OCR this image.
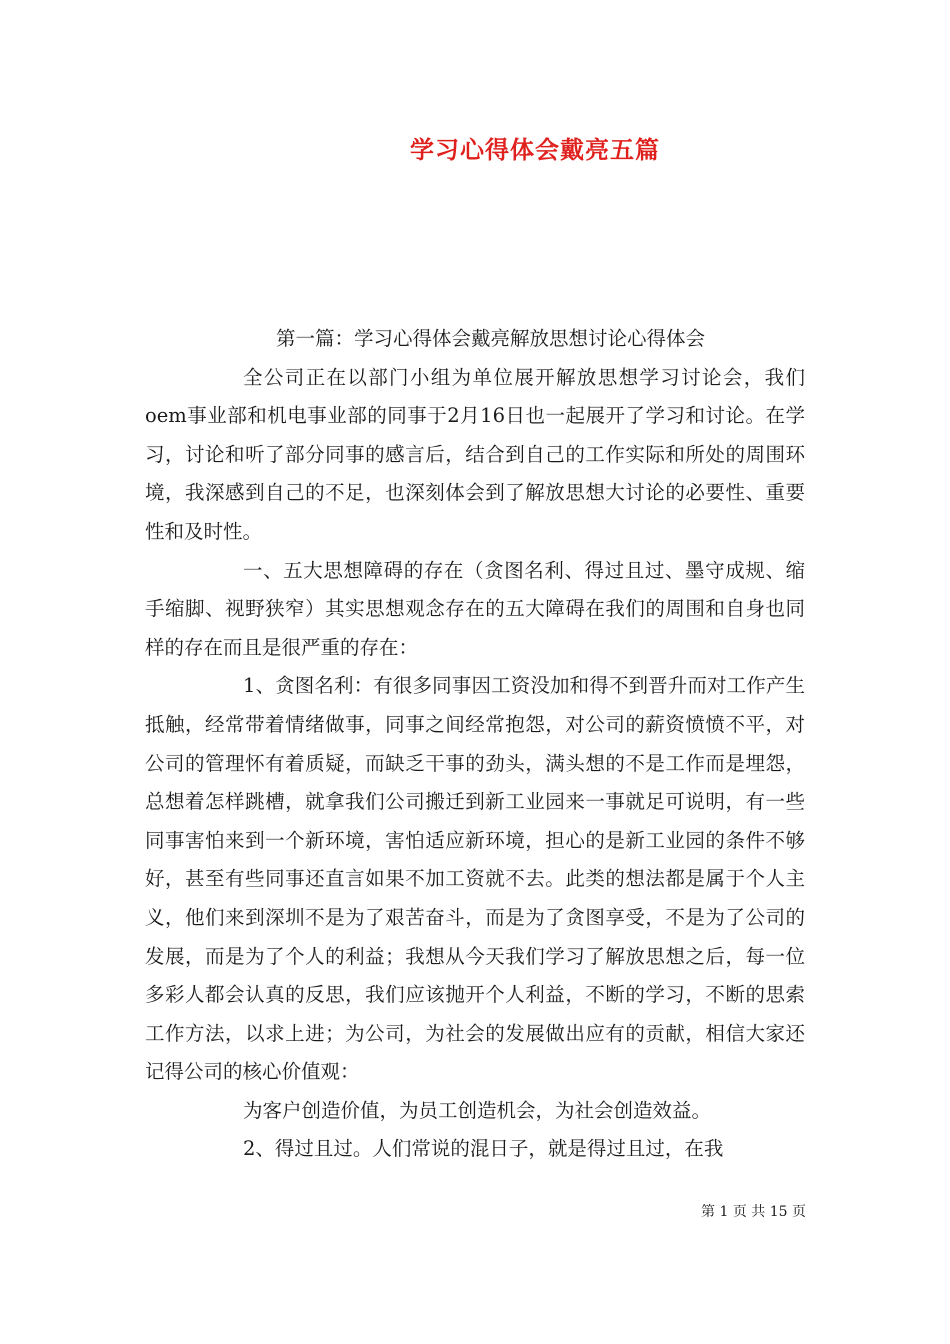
学习心得体会戴亮五篇

第一篇：学习心得体会戴亮解放思想讨论心得体会

全公司正在以部门小组为单位展开解放思想学习讨论会，我们oem事业部和机电事业部的同事于2月16日也一起展开了学习和讨论。在学习，讨论和听了部分同事的感言后，结合到自己的工作实际和所处的周围环境，我深感到自己的不足，也深刻体会到了解放思想大讨论的必要性、重要性和及时性。

一、五大思想障碍的存在（贪图名利、得过且过、墨守成规、缩手缩脚、视野狭窄）其实思想观念存在的五大障碍在我们的周围和自身也同样的存在而且是很严重的存在：

1、贪图名利：有很多同事因工资没加和得不到晋升而对工作产生抵触，经常带着情绪做事，同事之间经常抱怨，对公司的薪资愤愤不平，对公司的管理怀有着质疑，而缺乏干事的劲头，满头想的不是工作而是埋怨，总想着怎样跳槽，就拿我们公司搬迁到新工业园来一事就足可说明，有一些同事害怕来到一个新环境，害怕适应新环境，担心的是新工业园的条件不够好，甚至有些同事还直言如果不加工资就不去。此类的想法都是属于个人主义，他们来到深圳不是为了艰苦奋斗，而是为了贪图享受，不是为了公司的发展，而是为了个人的利益；我想从今天我们学习了解放思想之后，每一位多彩人都会认真的反思，我们应该抛开个人利益，不断的学习，不断的思索工作方法，以求上进；为公司，为社会的发展做出应有的贡献，相信大家还记得公司的核心价值观：

为客户创造价值，为员工创造机会，为社会创造效益。

2、得过且过。人们常说的混日子，就是得过且过，在我

第 1 页 共 15 页
